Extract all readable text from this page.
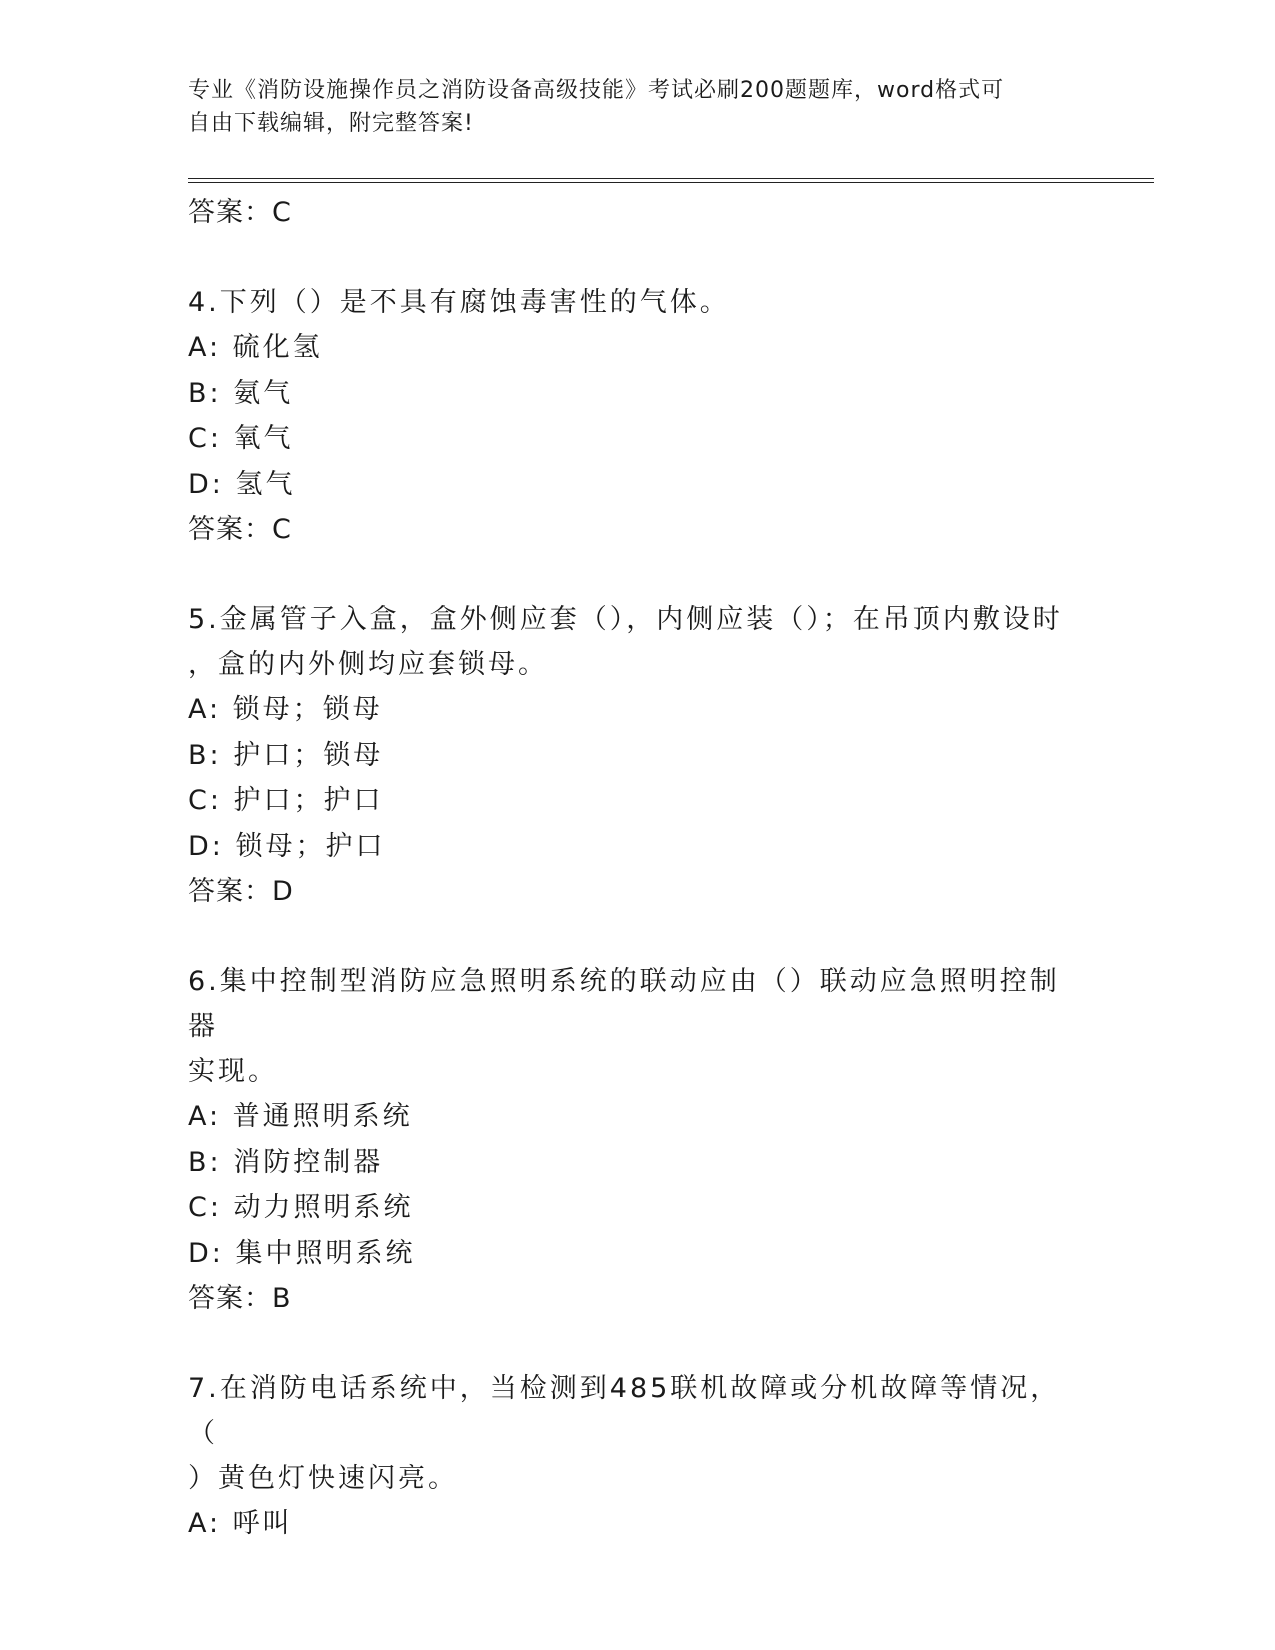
专业《消防设施操作员之消防设备高级技能》考试必刷200题题库，word格式可
自由下载编辑，附完整答案!
答案：C
4.下列（）是不具有腐蚀毒害性的气体。
A: 硫化氢
B: 氨气
C: 氧气
D: 氢气
答案：C
5.金属管子入盒，盒外侧应套（），内侧应装（）；在吊顶内敷设时
，盒的内外侧均应套锁母。
A: 锁母；锁母
B: 护口；锁母
C: 护口；护口
D: 锁母；护口
答案：D
6.集中控制型消防应急照明系统的联动应由（）联动应急照明控制器
实现。
A: 普通照明系统
B: 消防控制器
C: 动力照明系统
D: 集中照明系统
答案：B
7.在消防电话系统中，当检测到485联机故障或分机故障等情况，（
）黄色灯快速闪亮。
A: 呼叫
